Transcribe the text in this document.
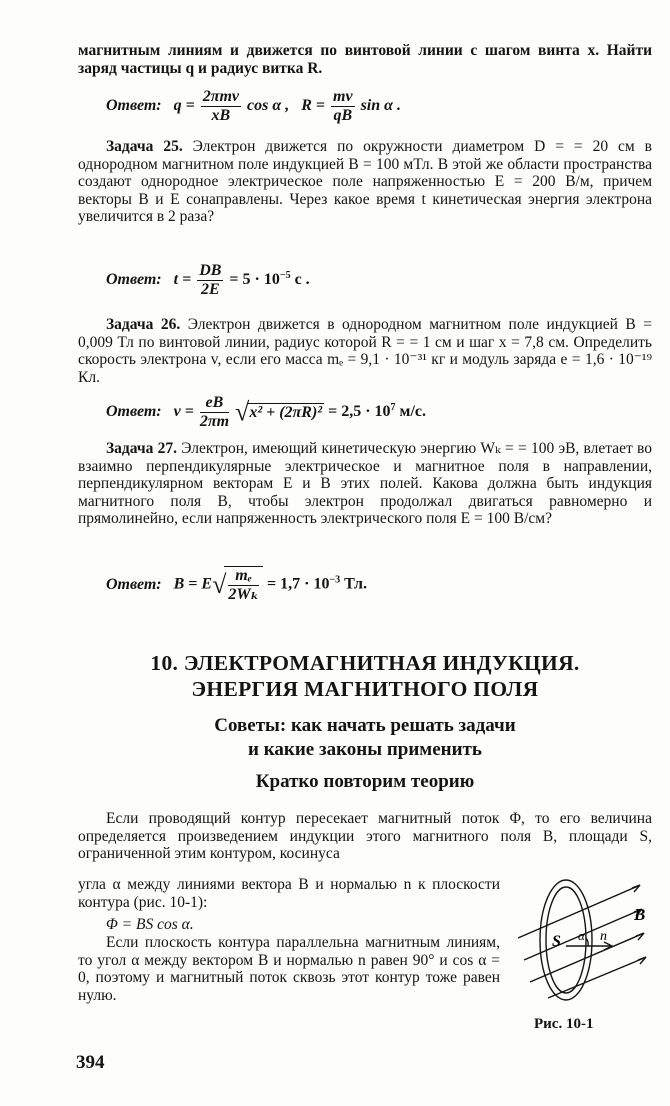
магнитным линиям и движется по винтовой линии с шагом винта x. Найти заряд частицы q и радиус витка R.

Ответ: $q = \frac{\text{2πmv}}{xB}$ cos α , $R = \frac{mv}{qB}$ sin α .

Задача 25. Электрон движется по окружности диаметром D = = 20 см в однородном магнитном поле индукцией B = 100 мТл. В этой же области пространства создают однородное электрическое поле напряженностью E = 200 В/м, причем векторы B и E сонаправлены. Через какое время t кинетическая энергия электрона увеличится в 2 раза?

Ответ: $t = \frac{DB}{2E} = 5 \cdot 10^{-5}$ c .

Задача 26. Электрон движется в однородном магнитном поле индукцией B = 0,009 Тл по винтовой линии, радиус которой R = = 1 см и шаг x = 7,8 см. Определить скорость электрона v, если его масса mₑ = 9,1 · 10⁻³¹ кг и модуль заряда e = 1,6 · 10⁻¹⁹ Кл.

Ответ: $v = \frac{eB}{2\pi m} √x^2 + (2\pi R)^2 = 2,5 \cdot 10^7$ м/с.

Задача 27. Электрон, имеющий кинетическую энергию Wₖ = = 100 эВ, влетает во взаимно перпендикулярные электрическое и магнитное поля в направлении, перпендикулярном векторам E и B этих полей. Какова должна быть индукция магнитного поля B, чтобы электрон продолжал двигаться равномерно и прямолинейно, если напряженность электрического поля E = 100 В/см?

Ответ: $B = E√ \frac{\text{mₑ}}{\text{2Wₖ}} = 1,7 \cdot 10^{-3}$ Тл.
10. ЭЛЕКТРОМАГНИТНАЯ ИНДУКЦИЯ.
ЭНЕРГИЯ МАГНИТНОГО ПОЛЯ
Советы: как начать решать задачи
и какие законы применить
Кратко повторим теорию

Если проводящий контур пересекает магнитный поток Φ, то его величина определяется произведением индукции этого магнитного поля B, площади S, ограниченной этим контуром, косинуса

угла α между линиями вектора B и нормалью n к плоскости контура (рис. 10-1):

Φ = BS cos α.

Если плоскость контура параллельна магнитным линиям, то угол α между вектором B и нормалью n равен 90° и cos α = 0, поэтому и магнитный поток сквозь этот контур тоже равен нулю.

B
S	n
α
Рис. 10-1
394
